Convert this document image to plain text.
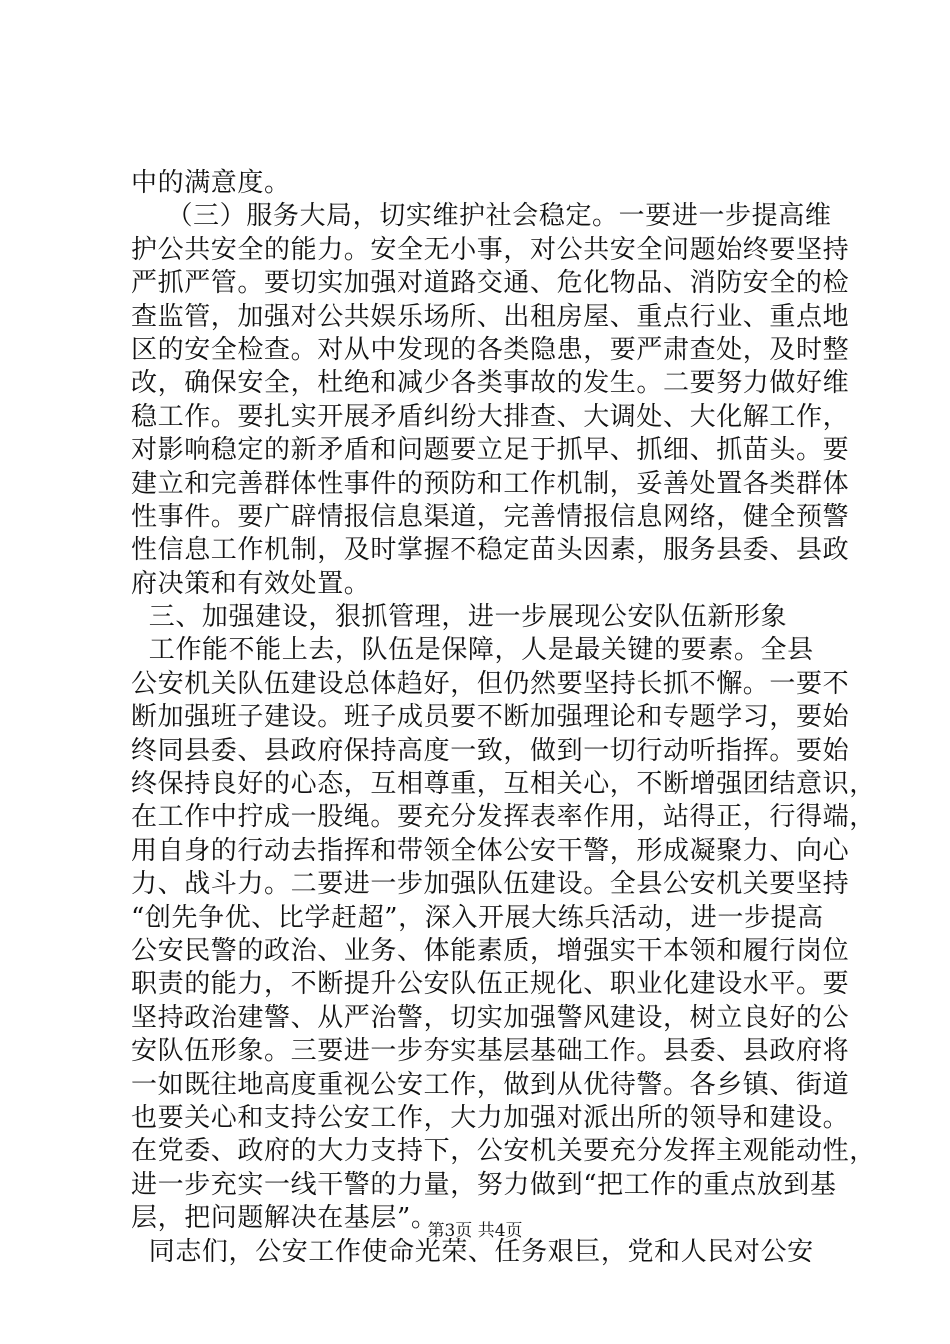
中的满意度。
（三）服务大局，切实维护社会稳定。一要进一步提高维
护公共安全的能力。安全无小事，对公共安全问题始终要坚持
严抓严管。要切实加强对道路交通、危化物品、消防安全的检
查监管，加强对公共娱乐场所、出租房屋、重点行业、重点地
区的安全检查。对从中发现的各类隐患，要严肃查处，及时整
改，确保安全，杜绝和减少各类事故的发生。二要努力做好维
稳工作。要扎实开展矛盾纠纷大排查、大调处、大化解工作，
对影响稳定的新矛盾和问题要立足于抓早、抓细、抓苗头。要
建立和完善群体性事件的预防和工作机制，妥善处置各类群体
性事件。要广辟情报信息渠道，完善情报信息网络，健全预警
性信息工作机制，及时掌握不稳定苗头因素，服务县委、县政
府决策和有效处置。
三、加强建设，狠抓管理，进一步展现公安队伍新形象
工作能不能上去，队伍是保障，人是最关键的要素。全县
公安机关队伍建设总体趋好，但仍然要坚持长抓不懈。一要不
断加强班子建设。班子成员要不断加强理论和专题学习，要始
终同县委、县政府保持高度一致，做到一切行动听指挥。要始
终保持良好的心态，互相尊重，互相关心，不断增强团结意识，
在工作中拧成一股绳。要充分发挥表率作用，站得正，行得端，
用自身的行动去指挥和带领全体公安干警，形成凝聚力、向心
力、战斗力。二要进一步加强队伍建设。全县公安机关要坚持
“创先争优、比学赶超”，深入开展大练兵活动，进一步提高
公安民警的政治、业务、体能素质，增强实干本领和履行岗位
职责的能力，不断提升公安队伍正规化、职业化建设水平。要
坚持政治建警、从严治警，切实加强警风建设，树立良好的公
安队伍形象。三要进一步夯实基层基础工作。县委、县政府将
一如既往地高度重视公安工作，做到从优待警。各乡镇、街道
也要关心和支持公安工作，大力加强对派出所的领导和建设。
在党委、政府的大力支持下，公安机关要充分发挥主观能动性，
进一步充实一线干警的力量，努力做到“把工作的重点放到基
层，把问题解决在基层”。
同志们，公安工作使命光荣、任务艰巨，党和人民对公安
第3页 共4页
